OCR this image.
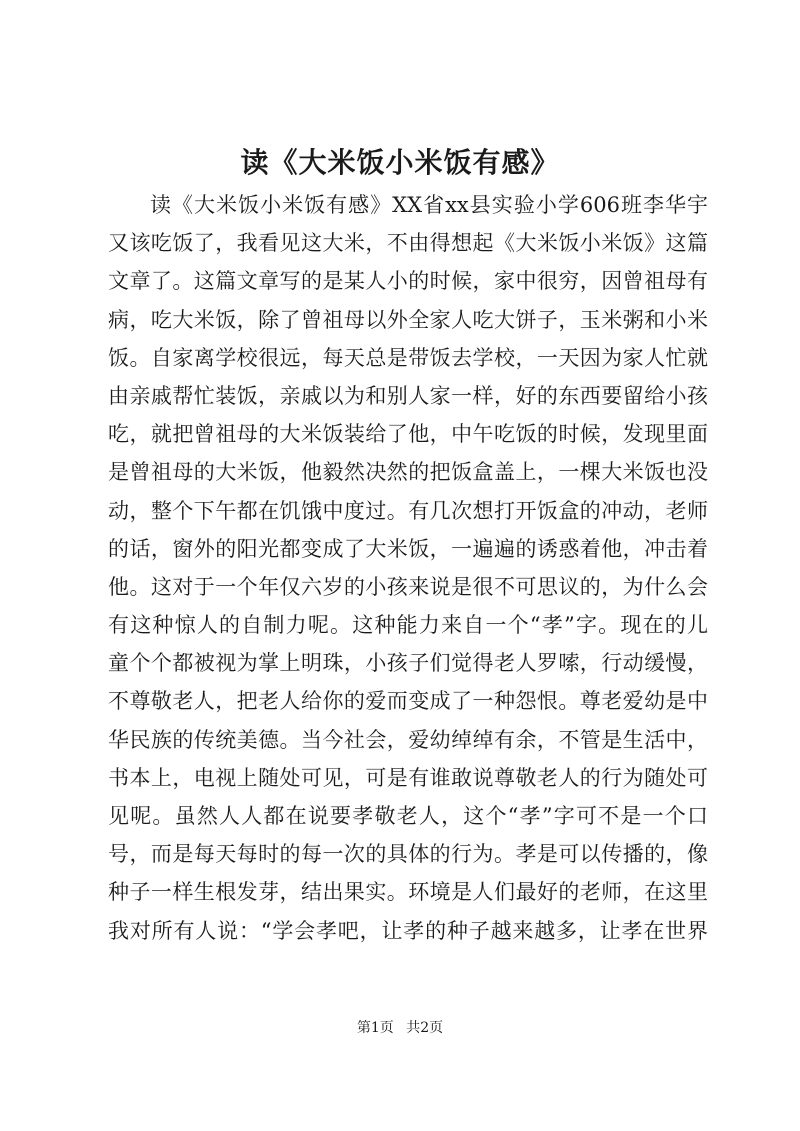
读《大米饭小米饭有感》
读《大米饭小米饭有感》XX省xx县实验小学606班李华宇
又该吃饭了，我看见这大米，不由得想起《大米饭小米饭》这篇
文章了。这篇文章写的是某人小的时候，家中很穷，因曾祖母有
病，吃大米饭，除了曾祖母以外全家人吃大饼子，玉米粥和小米
饭。自家离学校很远，每天总是带饭去学校，一天因为家人忙就
由亲戚帮忙装饭，亲戚以为和别人家一样，好的东西要留给小孩
吃，就把曾祖母的大米饭装给了他，中午吃饭的时候，发现里面
是曾祖母的大米饭，他毅然决然的把饭盒盖上，一棵大米饭也没
动，整个下午都在饥饿中度过。有几次想打开饭盒的冲动，老师
的话，窗外的阳光都变成了大米饭，一遍遍的诱惑着他，冲击着
他。这对于一个年仅六岁的小孩来说是很不可思议的，为什么会
有这种惊人的自制力呢。这种能力来自一个“孝”字。现在的儿
童个个都被视为掌上明珠，小孩子们觉得老人罗嗦，行动缓慢，
不尊敬老人，把老人给你的爱而变成了一种怨恨。尊老爱幼是中
华民族的传统美德。当今社会，爱幼绰绰有余，不管是生活中，
书本上，电视上随处可见，可是有谁敢说尊敬老人的行为随处可
见呢。虽然人人都在说要孝敬老人，这个“孝”字可不是一个口
号，而是每天每时的每一次的具体的行为。孝是可以传播的，像
种子一样生根发芽，结出果实。环境是人们最好的老师，在这里
我对所有人说：“学会孝吧，让孝的种子越来越多，让孝在世界
第1页 共2页
